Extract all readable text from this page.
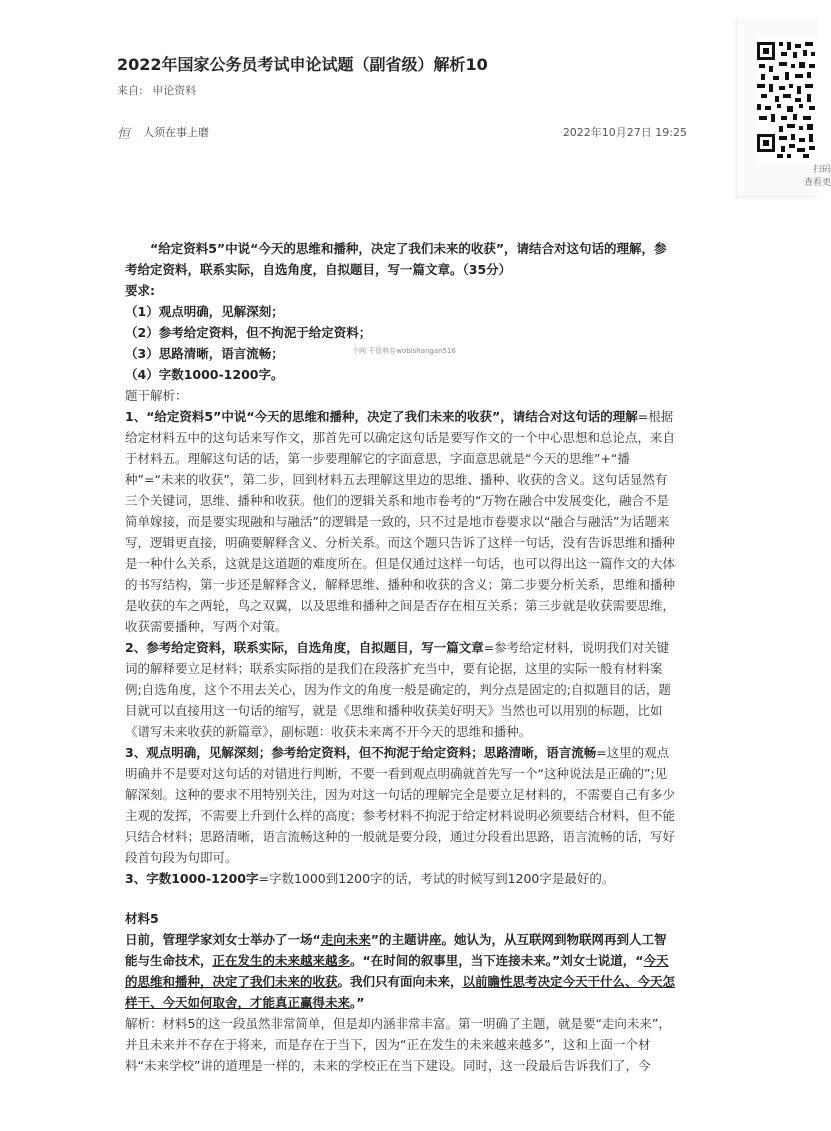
2022年国家公务员考试申论试题（副省级）解析10
来自: 申论资料
恒 人须在事上磨	2022年10月27日 19:25
扫码
查看更
个网 千资料存wobishangan516

“给定资料5”中说“今天的思维和播种，决定了我们未来的收获”，请结合对这句话的理解，参考给定资料，联系实际，自选角度，自拟题目，写一篇文章。（35分）

要求:

（1）观点明确，见解深刻；

（2）参考给定资料，但不拘泥于给定资料；

（3）思路清晰，语言流畅；

（4）字数1000-1200字。

题干解析：

1、“给定资料5”中说“今天的思维和播种，决定了我们未来的收获”，请结合对这句话的理解=根据给定材料五中的这句话来写作文，那首先可以确定这句话是要写作文的一个中心思想和总论点，来自于材料五。理解这句话的话，第一步要理解它的字面意思，字面意思就是“今天的思维”+“播种”=“未来的收获”，第二步，回到材料五去理解这里边的思维、播种、收获的含义。这句话显然有三个关键词，思维、播种和收获。他们的逻辑关系和地市卷考的“万物在融合中发展变化，融合不是简单嫁接，而是要实现融和与融活”的逻辑是一致的，只不过是地市卷要求以“融合与融活”为话题来写，逻辑更直接，明确要解释含义、分析关系。而这个题只告诉了这样一句话，没有告诉思维和播种是一种什么关系，这就是这道题的难度所在。但是仅通过这样一句话，也可以得出这一篇作文的大体的书写结构，第一步还是解释含义，解释思维、播种和收获的含义；第二步要分析关系，思维和播种是收获的车之两轮，鸟之双翼，以及思维和播种之间是否存在相互关系；第三步就是收获需要思维，收获需要播种，写两个对策。

2、参考给定资料，联系实际，自选角度，自拟题目，写一篇文章=参考给定材料，说明我们对关键词的解释要立足材料；联系实际指的是我们在段落扩充当中，要有论据，这里的实际一般有材料案例;自选角度，这个不用去关心，因为作文的角度一般是确定的，判分点是固定的;自拟题目的话，题目就可以直接用这一句话的缩写，就是《思维和播种收获美好明天》当然也可以用别的标题，比如《谱写未来收获的新篇章》，副标题：收获未来离不开今天的思维和播种。

3、观点明确，见解深刻；参考给定资料，但不拘泥于给定资料；思路清晰，语言流畅=这里的观点明确并不是要对这句话的对错进行判断，不要一看到观点明确就首先写一个“这种说法是正确的”;见解深刻。这种的要求不用特别关注，因为对这一句话的理解完全是要立足材料的，不需要自己有多少主观的发挥，不需要上升到什么样的高度；参考材料不拘泥于给定材料说明必须要结合材料，但不能只结合材料；思路清晰，语言流畅这种的一般就是要分段，通过分段看出思路，语言流畅的话，写好段首句段为句即可。

3、字数1000-1200字=字数1000到1200字的话，考试的时候写到1200字是最好的。

材料5

日前，管理学家刘女士举办了一场“走向未来”的主题讲座。她认为，从互联网到物联网再到人工智能与生命技术，正在发生的未来越来越多。“在时间的叙事里，当下连接未来。”刘女士说道，“今天的思维和播种，决定了我们未来的收获。我们只有面向未来，以前瞻性思考决定今天干什么、今天怎样干、今天如何取舍，才能真正赢得未来。”

解析：材料5的这一段虽然非常简单，但是却内涵非常丰富。第一明确了主题，就是要“走向未来”，并且未来并不存在于将来，而是存在于当下，因为“正在发生的未来越来越多”，这和上面一个材料“未来学校”讲的道理是一样的，未来的学校正在当下建设。同时，这一段最后告诉我们了，今
